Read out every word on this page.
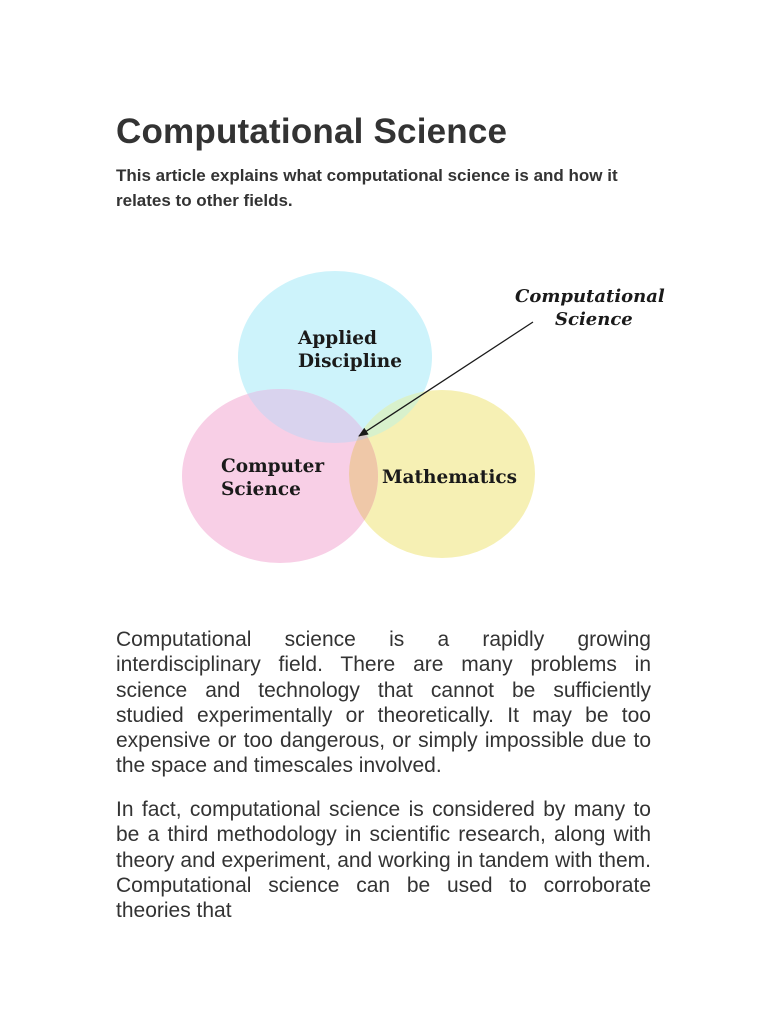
Computational Science

This article explains what computational science is and how it relates to other fields.

Applied Discipline
Computer Science
Mathematics
Computational Science

Computational science is a rapidly growing interdisciplinary field. There are many problems in science and technology that cannot be sufficiently studied experimentally or theoretically. It may be too expensive or too dangerous, or simply impossible due to the space and timescales involved.

In fact, computational science is considered by many to be a third methodology in scientific research, along with theory and experiment, and working in tandem with them. Computational science can be used to corroborate theories that
